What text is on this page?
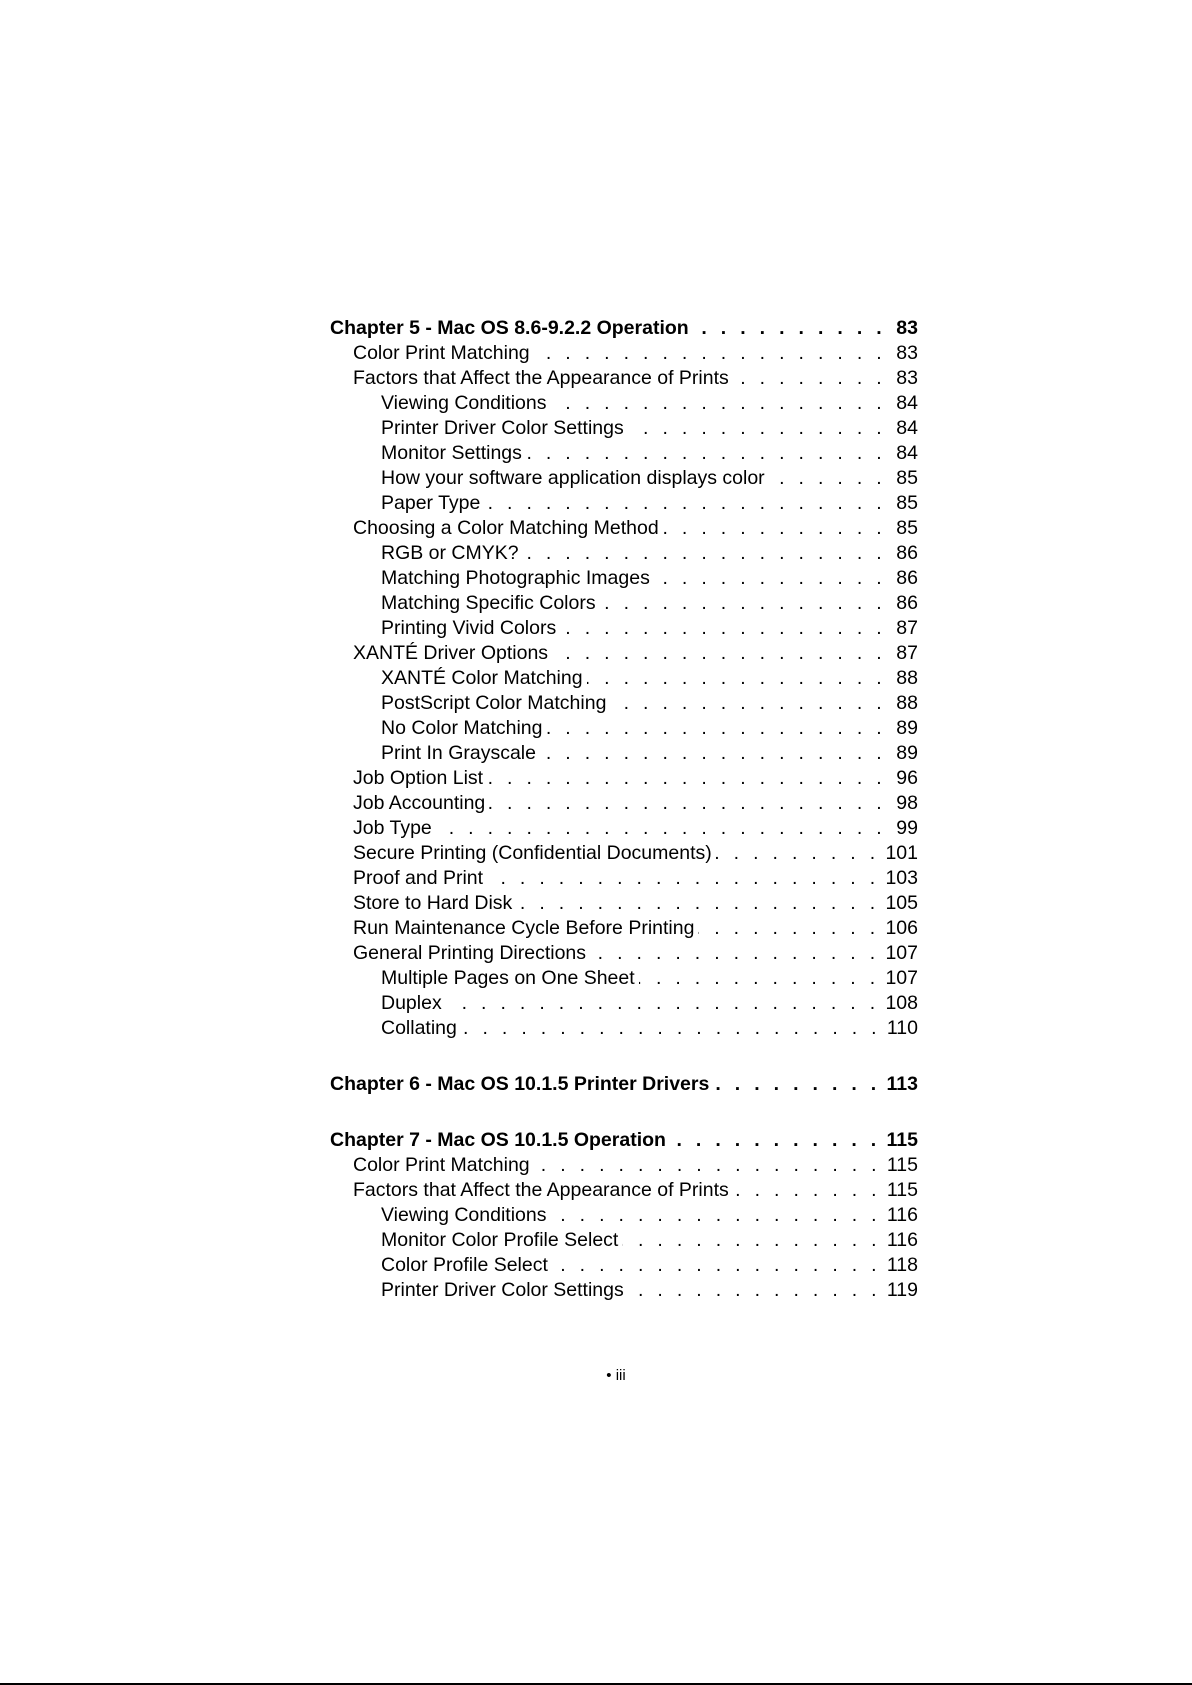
Chapter 5 - Mac OS 8.6-9.2.2 Operation . . .	83
Color Print Matching . . .	83
Factors that Affect the Appearance of Prints . . .	83
Viewing Conditions . . .	84
Printer Driver Color Settings . . .	84
Monitor Settings . . .	84
How your software application displays color . . .	85
Paper Type . . .	85
Choosing a Color Matching Method . . .	85
RGB or CMYK? . . .	86
Matching Photographic Images . . .	86
Matching Specific Colors . . .	86
Printing Vivid Colors . . .	87
XANTÉ Driver Options . . .	87
XANTÉ Color Matching . . .	88
PostScript Color Matching . . .	88
No Color Matching . . .	89
Print In Grayscale . . .	89
Job Option List . . .	96
Job Accounting . . .	98
Job Type . . .	99
Secure Printing (Confidential Documents) . . .	101
Proof and Print . . .	103
Store to Hard Disk . . .	105
Run Maintenance Cycle Before Printing . . .	106
General Printing Directions . . .	107
Multiple Pages on One Sheet . . .	107
Duplex . . .	108
Collating . . .	110
Chapter 6 - Mac OS 10.1.5 Printer Drivers . . .	113
Chapter 7 - Mac OS 10.1.5 Operation . . .	115
Color Print Matching . . .	115
Factors that Affect the Appearance of Prints . . .	115
Viewing Conditions . . .	116
Monitor Color Profile Select . . .	116
Color Profile Select . . .	118
Printer Driver Color Settings . . .	119
• iii
